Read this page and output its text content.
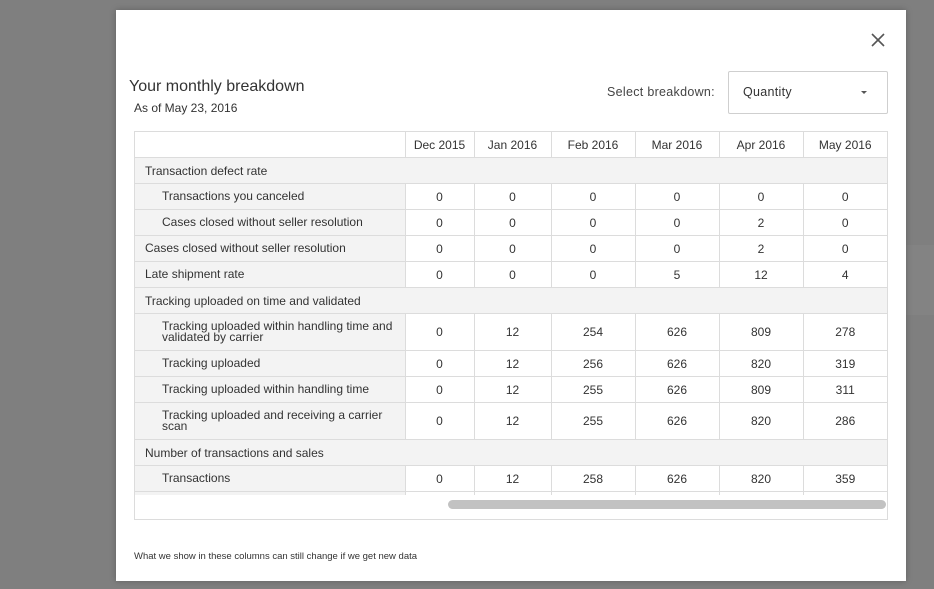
Your monthly breakdown
As of May 23, 2016
Select breakdown: Quantity
	Dec 2015	Jan 2016	Feb 2016	Mar 2016	Apr 2016	May 2016
Transaction defect rate						

Transactions you canceled	0	0	0	0	0	0

Cases closed without seller resolution	0	0	0	0	2	0

Cases closed without seller resolution	0	0	0	0	2	0

Late shipment rate	0	0	0	5	12	4
Tracking uploaded on time and validated						

Tracking uploaded within handling time and validated by carrier	0	12	254	626	809	278

Tracking uploaded	0	12	256	626	820	319

Tracking uploaded within handling time	0	12	255	626	809	311

Tracking uploaded and receiving a carrier scan	0	12	255	626	820	286
Number of transactions and sales						

Transactions	0	12	258	626	820	359

What we show in these columns can still change if we get new data
